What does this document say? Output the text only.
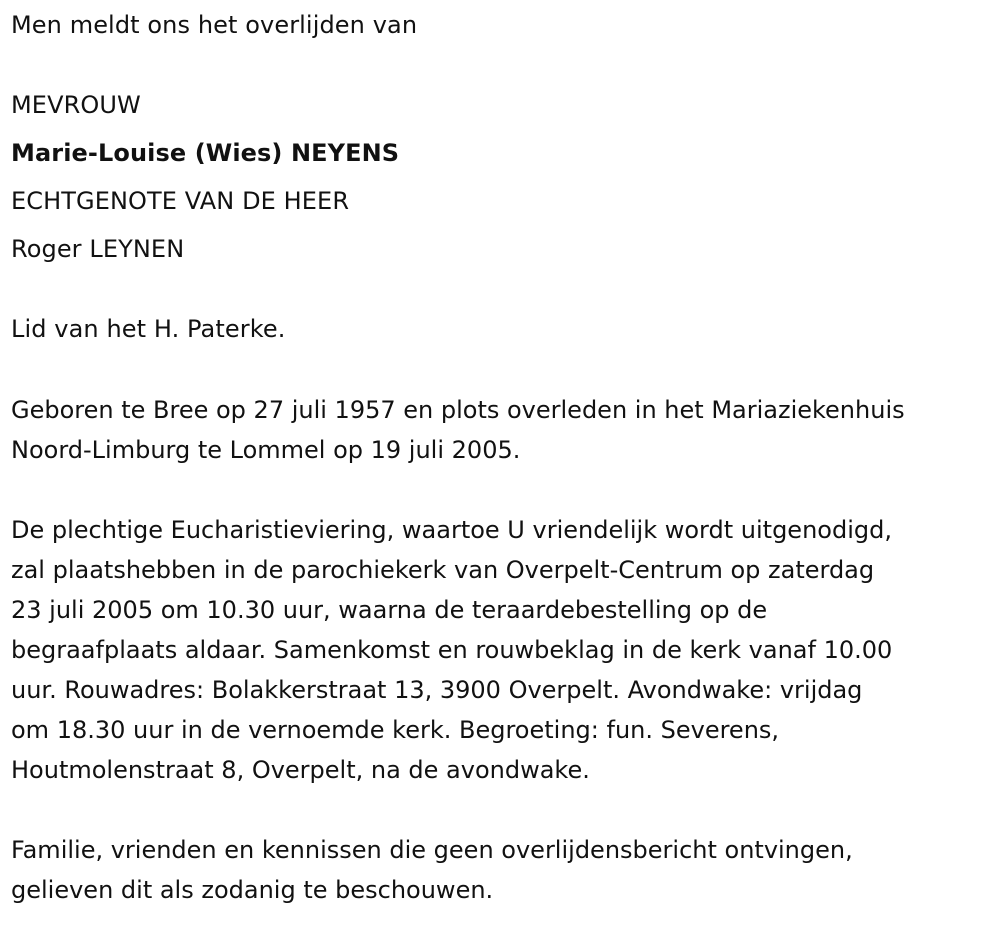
Men meldt ons het overlijden van
MEVROUW
Marie-Louise (Wies) NEYENS
ECHTGENOTE VAN DE HEER
Roger LEYNEN
Lid van het H. Paterke.
Geboren te Bree op 27 juli 1957 en plots overleden in het Mariaziekenhuis
Noord-Limburg te Lommel op 19 juli 2005.
De plechtige Eucharistieviering, waartoe U vriendelijk wordt uitgenodigd,
zal plaatshebben in de parochiekerk van Overpelt-Centrum op zaterdag
23 juli 2005 om 10.30 uur, waarna de teraardebestelling op de
begraafplaats aldaar. Samenkomst en rouwbeklag in de kerk vanaf 10.00
uur. Rouwadres: Bolakkerstraat 13, 3900 Overpelt. Avondwake: vrijdag
om 18.30 uur in de vernoemde kerk. Begroeting: fun. Severens,
Houtmolenstraat 8, Overpelt, na de avondwake.
Familie, vrienden en kennissen die geen overlijdensbericht ontvingen,
gelieven dit als zodanig te beschouwen.
